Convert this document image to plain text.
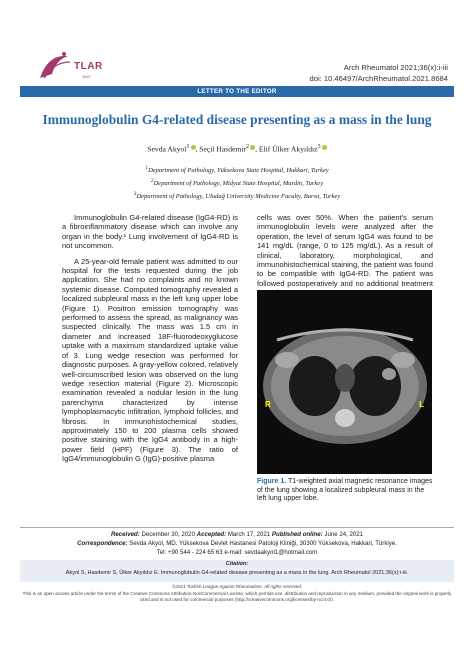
TLAR
1947
Arch Rheumatol 2021;36(x):i-iii
doi: 10.46497/ArchRheumatol.2021.8684
LETTER TO THE EDITOR
Immunoglobulin G4-related disease presenting as a mass in the lung
Sevda Akyol$^1$ , Seçil Hasdemir$^2$ , Elif Ülker Akyıldız$^3$
$^1$Department of Pathology, Yüksekova State Hospital, Hakkari, Turkey
$^2$Department of Pathology, Midyat State Hospital, Mardin, Turkey
$^3$Department of Pathology, Uludağ University Medicine Faculty, Bursa, Turkey

Immunoglobulin G4-related disease (IgG4-RD) is a fibroinflammatory disease which can involve any organ in the body.¹ Lung involvement of IgG4-RD is not uncommon.

A 25-year-old female patient was admitted to our hospital for the tests requested during the job application. She had no complaints and no known systemic disease. Computed tomography revealed a localized subpleural mass in the left lung upper lobe (Figure 1). Positron emission tomography was performed to assess the spread, as malignancy was suspected clinically. The mass was 1.5 cm in diameter and increased 18F-fluorodeoxyglucose uptake with a maximum standardized uptake value of 3. Lung wedge resection was performed for diagnostic purposes. A gray-yellow colored, relatively well-circumscribed lesion was observed on the lung wedge resection material (Figure 2). Microscopic examination revealed a nodular lesion in the lung parenchyma characterized by intense lymphoplasmacytic infiltration, lymphoid follicles, and fibrosis. In immunohistochemical studies, approximately 150 to 200 plasma cells showed positive staining with the IgG4 antibody in a high-power field (HPF) (Figure 3). The ratio of IgG4/immunoglobulin G (IgG)-positive plasma

cells was over 50%. When the patient's serum immunoglobulin levels were analyzed after the operation, the level of serum IgG4 was found to be 141 mg/dL (range, 0 to 125 mg/dL). As a result of clinical, laboratory, morphological, and immunohistochemical staining, the patient was found to be compatible with IgG4-RD. The patient was followed postoperatively and no additional treatment

R	L
Figure 1. T1-weighted axial magnetic resonance images of the lung showing a localized subpleural mass in the left lung upper lobe.
Received: December 30, 2020 Accepted: March 17, 2021 Published online: June 24, 2021
Correspondence: Sevda Akyol, MD. Yüksekova Devlet Hastanesi Patoloji Kliniği, 30300 Yüksekova, Hakkari, Türkiye.
Tel: +90 544 - 224 65 63 e-mail: sevdaakyol1@hotmail.com
Citation:
Akyol S, Hasdemir S, Ülker Akyıldız E. Immunoglobulin G4-related disease presenting as a mass in the lung. Arch Rheumatol 2021;36(x):i-iii.
©2021 Turkish League Against Rheumatism. All rights reserved.
This is an open access article under the terms of the Creative Commons Attribution-NonCommercial License, which permits use, distribution and reproduction in any medium, provided the original work is properly cited and is not used for commercial purposes (http://creativecommons.org/licenses/by-nc/4.0/).
